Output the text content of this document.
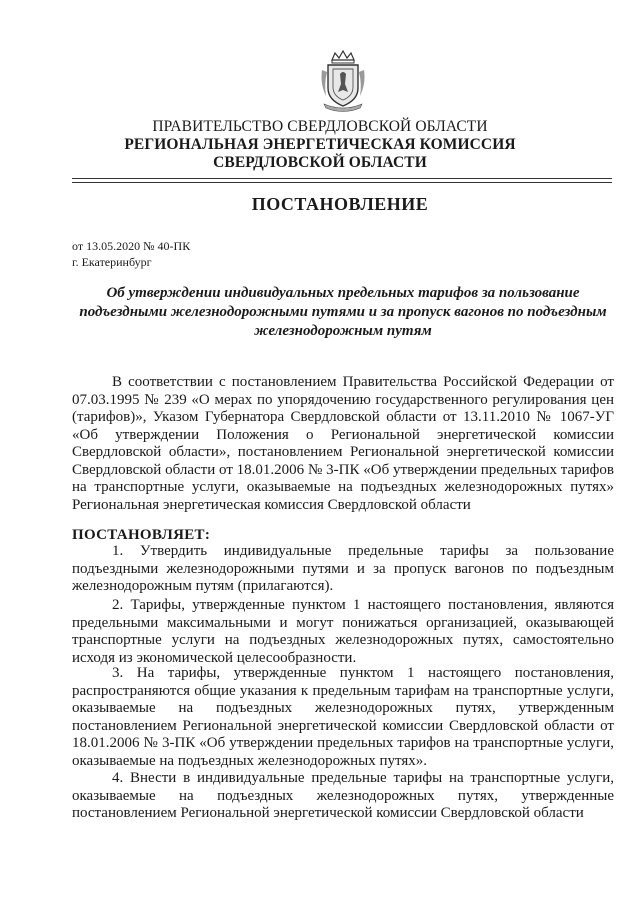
ПРАВИТЕЛЬСТВО СВЕРДЛОВСКОЙ ОБЛАСТИ
РЕГИОНАЛЬНАЯ ЭНЕРГЕТИЧЕСКАЯ КОМИССИЯ
СВЕРДЛОВСКОЙ ОБЛАСТИ
ПОСТАНОВЛЕНИЕ
от 13.05.2020 № 40-ПК
г. Екатеринбург
Об утверждении индивидуальных предельных тарифов за пользование подъездными железнодорожными путями и за пропуск вагонов по подъездным железнодорожным путям
В соответствии с постановлением Правительства Российской Федерации от 07.03.1995 № 239 «О мерах по упорядочению государственного регулирования цен (тарифов)», Указом Губернатора Свердловской области от 13.11.2010 № 1067-УГ «Об утверждении Положения о Региональной энергетической комиссии Свердловской области», постановлением Региональной энергетической комиссии Свердловской области от 18.01.2006 № 3-ПК «Об утверждении предельных тарифов на транспортные услуги, оказываемые на подъездных железнодорожных путях» Региональная энергетическая комиссия Свердловской области
ПОСТАНОВЛЯЕТ:
1. Утвердить индивидуальные предельные тарифы за пользование подъездными железнодорожными путями и за пропуск вагонов по подъездным железнодорожным путям (прилагаются).
2. Тарифы, утвержденные пунктом 1 настоящего постановления, являются предельными максимальными и могут понижаться организацией, оказывающей транспортные услуги на подъездных железнодорожных путях, самостоятельно исходя из экономической целесообразности.
3. На тарифы, утвержденные пунктом 1 настоящего постановления, распространяются общие указания к предельным тарифам на транспортные услуги, оказываемые на подъездных железнодорожных путях, утвержденным постановлением Региональной энергетической комиссии Свердловской области от 18.01.2006 № 3-ПК «Об утверждении предельных тарифов на транспортные услуги, оказываемые на подъездных железнодорожных путях».
4. Внести в индивидуальные предельные тарифы на транспортные услуги, оказываемые на подъездных железнодорожных путях, утвержденные постановлением Региональной энергетической комиссии Свердловской области
